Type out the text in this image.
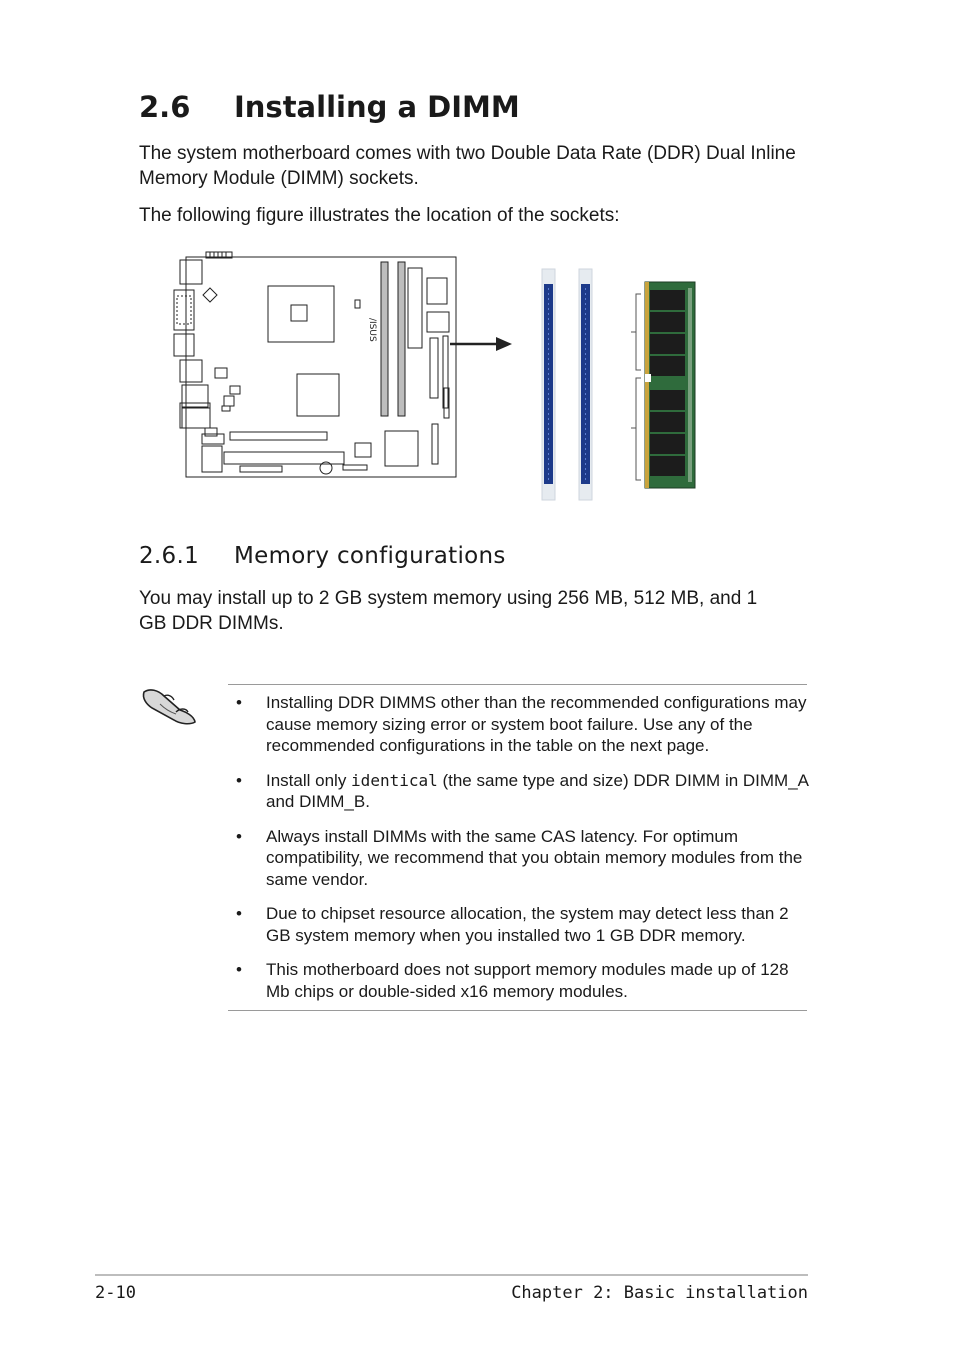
2.6 Installing a DIMM

The system motherboard comes with two Double Data Rate (DDR) Dual Inline Memory Module (DIMM) sockets.

The following figure illustrates the location of the sockets:

/ISUS
2.6.1 Memory configurations

You may install up to 2 GB system memory using 256 MB, 512 MB, and 1 GB DDR DIMMs.

• Installing DDR DIMMS other than the recommended configurations may cause memory sizing error or system boot failure. Use any of the recommended configurations in the table on the next page.
• Install only identical (the same type and size) DDR DIMM in DIMM_A and DIMM_B.
• Always install DIMMs with the same CAS latency. For optimum compatibility, we recommend that you obtain memory modules from the same vendor.
• Due to chipset resource allocation, the system may detect less than 2 GB system memory when you installed two 1 GB DDR memory.
• This motherboard does not support memory modules made up of 128 Mb chips or double-sided x16 memory modules.
2-10	Chapter 2: Basic installation
